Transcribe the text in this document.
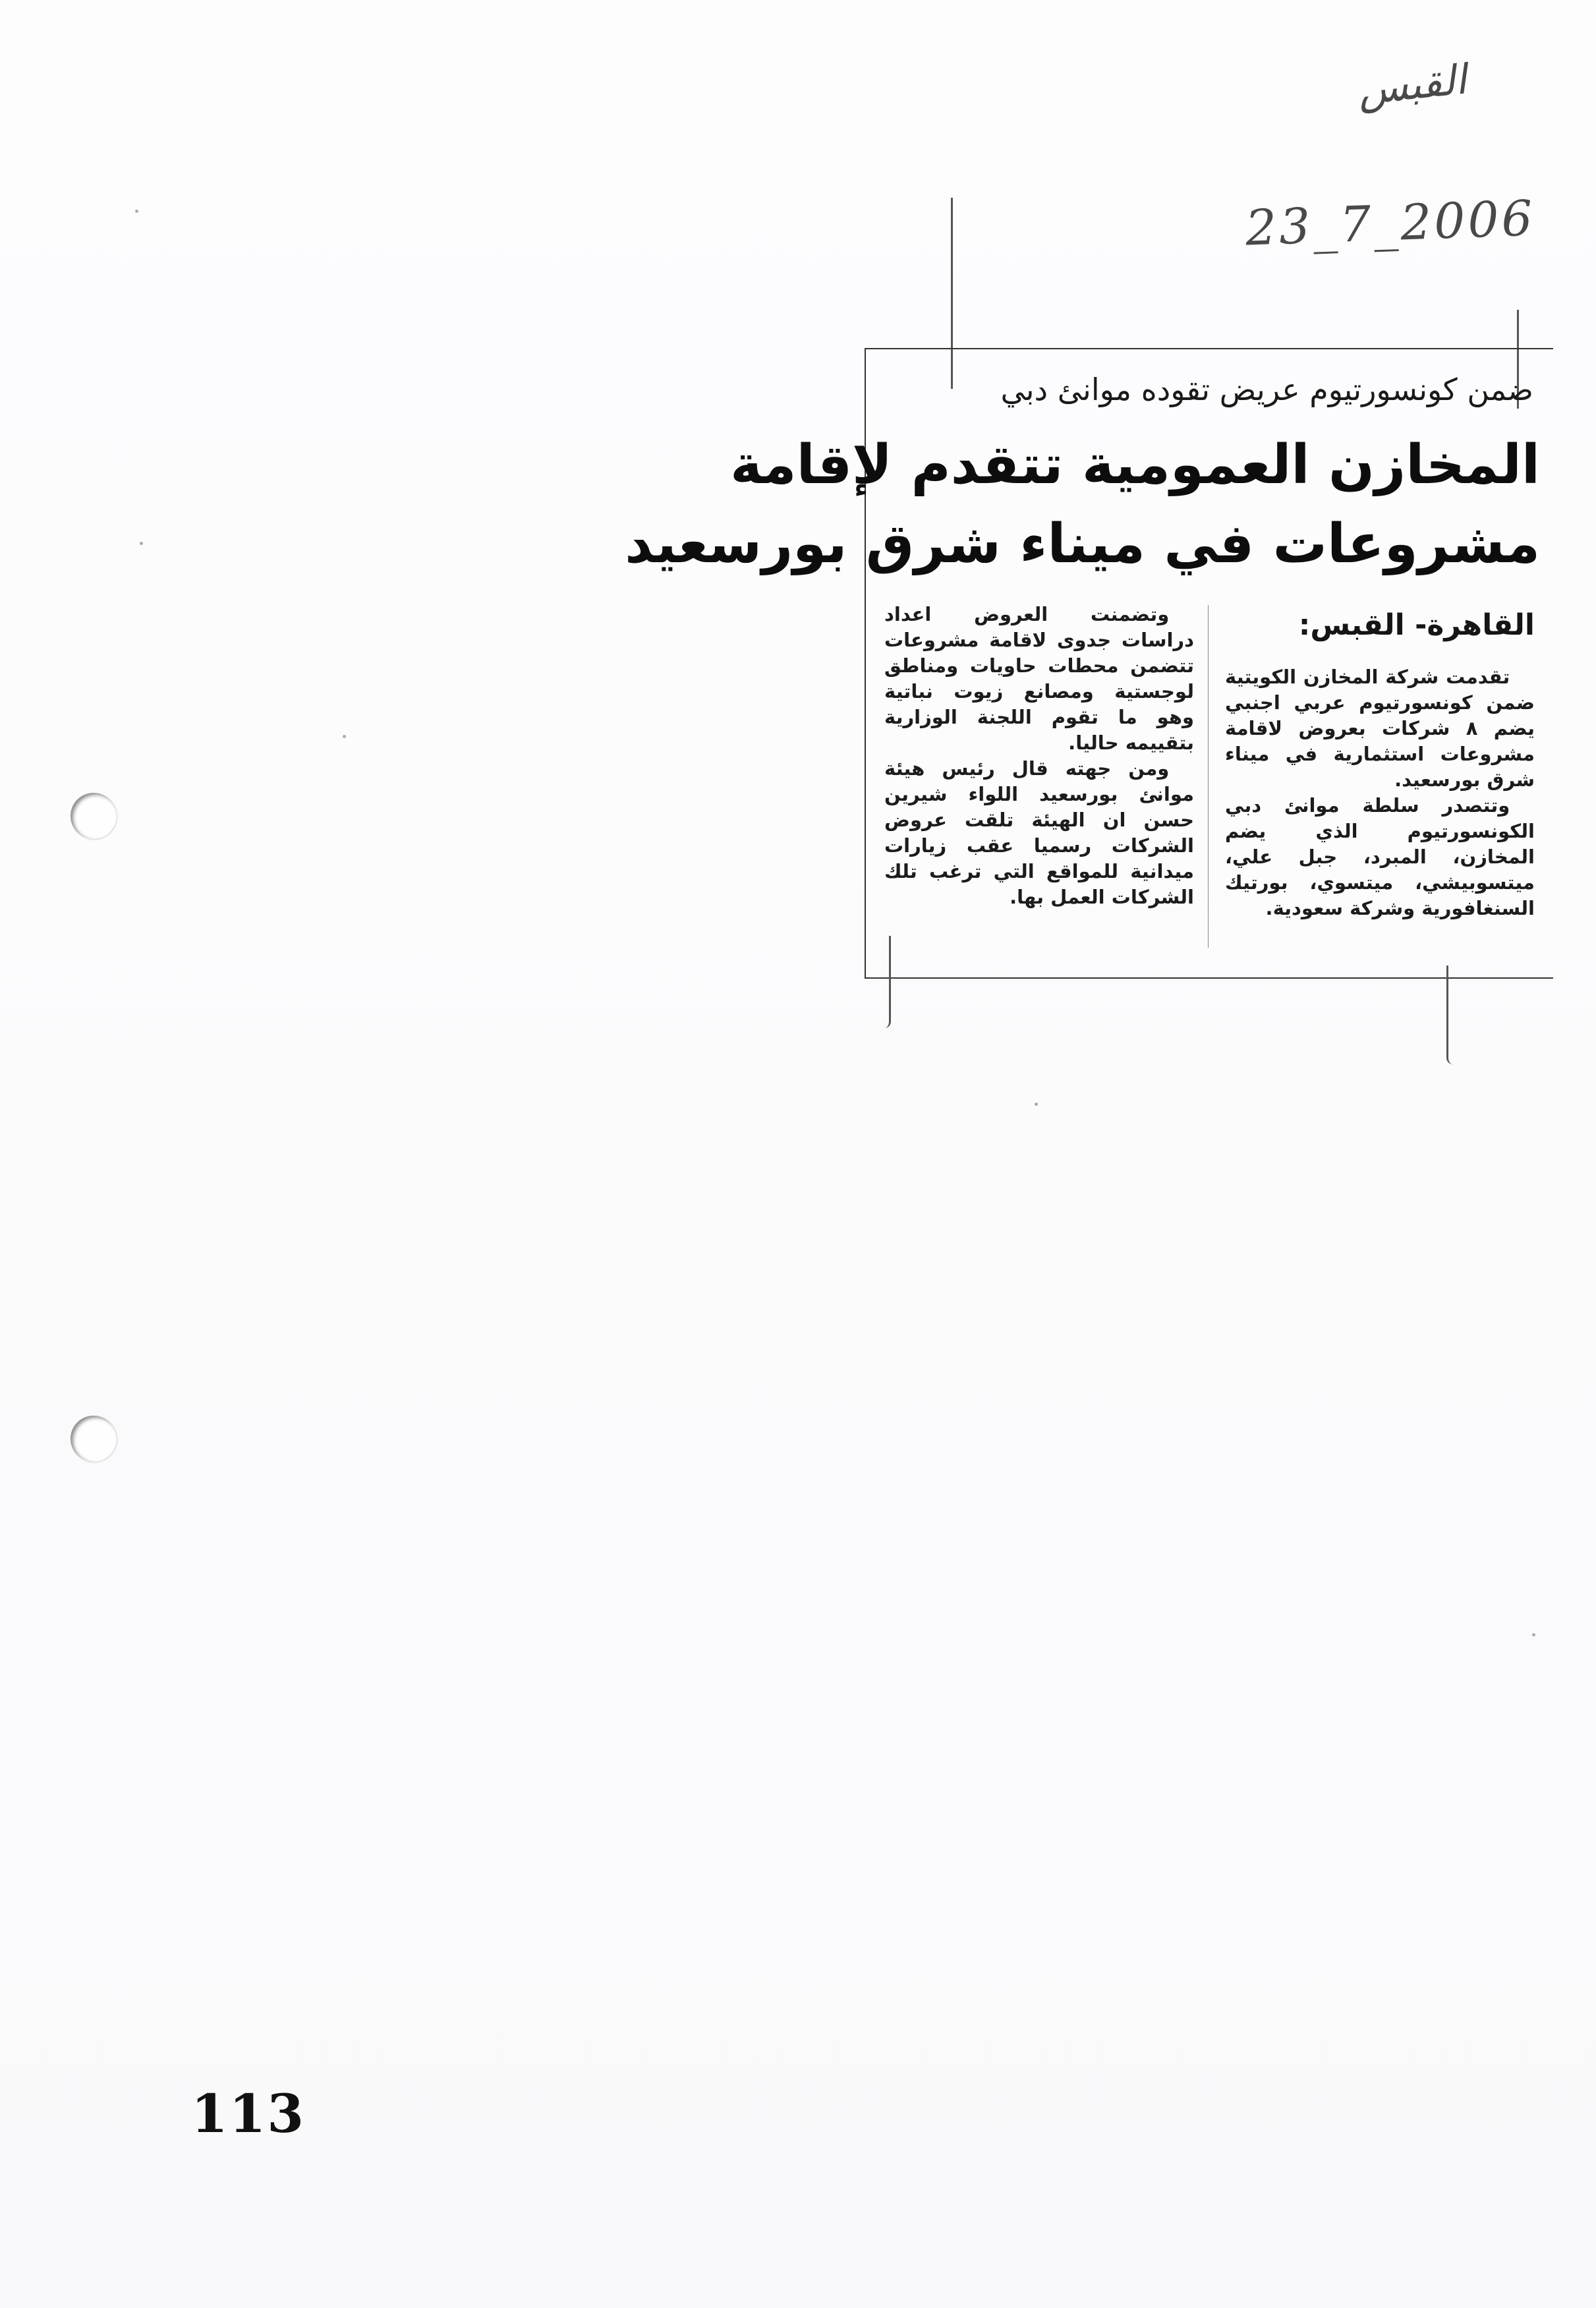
القبس
23_7_2006
ضمن كونسورتيوم عريض تقوده موانئ دبي
المخازن العمومية تتقدم لإقامة
مشروعات في ميناء شرق بورسعيد
القاهرة- القبس:

تقدمت شركة المخازن الكويتية ضمن كونسورتيوم عربي اجنبي يضم ٨ شركات بعروض لاقامة مشروعات استثمارية في ميناء شرق بورسعيد.

وتتصدر سلطة موانئ دبي الكونسورتيوم الذي يضم المخازن، المبرد، جبل علي، ميتسوبيشي، ميتسوي، بورتيك السنغافورية وشركة سعودية.

وتضمنت العروض اعداد دراسات جدوى لاقامة مشروعات تتضمن محطات حاويات ومناطق لوجستية ومصانع زيوت نباتية وهو ما تقوم اللجنة الوزارية بتقييمه حاليا.

ومن جهته قال رئيس هيئة موانئ بورسعيد اللواء شيرين حسن ان الهيئة تلقت عروض الشركات رسميا عقب زيارات ميدانية للمواقع التي ترغب تلك الشركات العمل بها.

113
